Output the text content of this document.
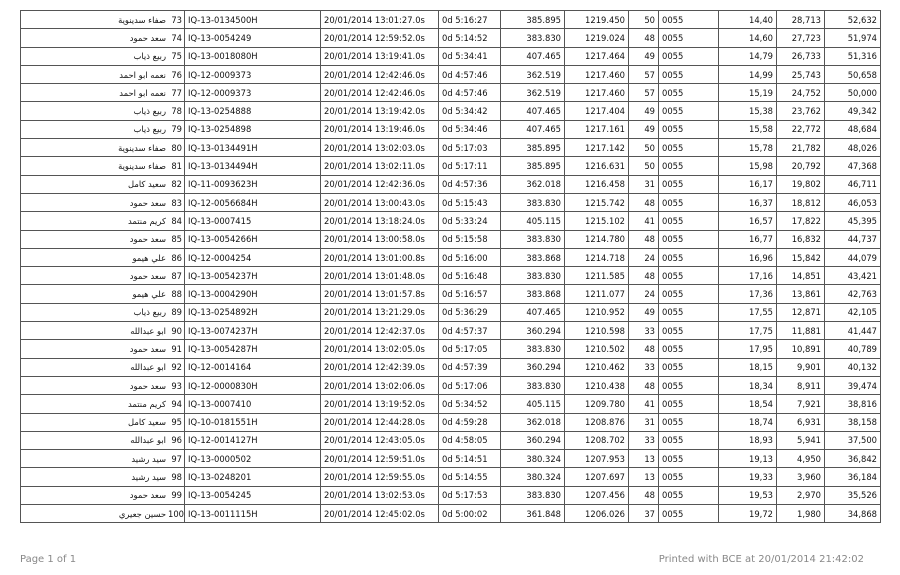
صفاء سدينوية 73	IQ-13-0134500H	20/01/2014 13:01:27.0s	0d 5:16:27	385.895	1219.450	50	0055	14,40	28,713	52,632
سعد حمود 74	IQ-13-0054249	20/01/2014 12:59:52.0s	0d 5:14:52	383.830	1219.024	48	0055	14,60	27,723	51,974
ربيع ذياب 75	IQ-13-0018080H	20/01/2014 13:19:41.0s	0d 5:34:41	407.465	1217.464	49	0055	14,79	26,733	51,316
نعمه ابو احمد 76	IQ-12-0009373	20/01/2014 12:42:46.0s	0d 4:57:46	362.519	1217.460	57	0055	14,99	25,743	50,658
نعمه ابو احمد 77	IQ-12-0009373	20/01/2014 12:42:46.0s	0d 4:57:46	362.519	1217.460	57	0055	15,19	24,752	50,000
ربيع ذياب 78	IQ-13-0254888	20/01/2014 13:19:42.0s	0d 5:34:42	407.465	1217.404	49	0055	15,38	23,762	49,342
ربيع ذياب 79	IQ-13-0254898	20/01/2014 13:19:46.0s	0d 5:34:46	407.465	1217.161	49	0055	15,58	22,772	48,684
صفاء سدينوية 80	IQ-13-0134491H	20/01/2014 13:02:03.0s	0d 5:17:03	385.895	1217.142	50	0055	15,78	21,782	48,026
صفاء سدينوية 81	IQ-13-0134494H	20/01/2014 13:02:11.0s	0d 5:17:11	385.895	1216.631	50	0055	15,98	20,792	47,368
سعيد كامل 82	IQ-11-0093623H	20/01/2014 12:42:36.0s	0d 4:57:36	362.018	1216.458	31	0055	16,17	19,802	46,711
سعد حمود 83	IQ-12-0056684H	20/01/2014 13:00:43.0s	0d 5:15:43	383.830	1215.742	48	0055	16,37	18,812	46,053
كريم منتمد 84	IQ-13-0007415	20/01/2014 13:18:24.0s	0d 5:33:24	405.115	1215.102	41	0055	16,57	17,822	45,395
سعد حمود 85	IQ-13-0054266H	20/01/2014 13:00:58.0s	0d 5:15:58	383.830	1214.780	48	0055	16,77	16,832	44,737
علي هيمو 86	IQ-12-0004254	20/01/2014 13:01:00.8s	0d 5:16:00	383.868	1214.718	24	0055	16,96	15,842	44,079
سعد حمود 87	IQ-13-0054237H	20/01/2014 13:01:48.0s	0d 5:16:48	383.830	1211.585	48	0055	17,16	14,851	43,421
علي هيمو 88	IQ-13-0004290H	20/01/2014 13:01:57.8s	0d 5:16:57	383.868	1211.077	24	0055	17,36	13,861	42,763
ربيع ذياب 89	IQ-13-0254892H	20/01/2014 13:21:29.0s	0d 5:36:29	407.465	1210.952	49	0055	17,55	12,871	42,105
ابو عبدالله 90	IQ-13-0074237H	20/01/2014 12:42:37.0s	0d 4:57:37	360.294	1210.598	33	0055	17,75	11,881	41,447
سعد حمود 91	IQ-13-0054287H	20/01/2014 13:02:05.0s	0d 5:17:05	383.830	1210.502	48	0055	17,95	10,891	40,789
ابو عبدالله 92	IQ-12-0014164	20/01/2014 12:42:39.0s	0d 4:57:39	360.294	1210.462	33	0055	18,15	9,901	40,132
سعد حمود 93	IQ-12-0000830H	20/01/2014 13:02:06.0s	0d 5:17:06	383.830	1210.438	48	0055	18,34	8,911	39,474
كريم منتمد 94	IQ-13-0007410	20/01/2014 13:19:52.0s	0d 5:34:52	405.115	1209.780	41	0055	18,54	7,921	38,816
سعيد كامل 95	IQ-10-0181551H	20/01/2014 12:44:28.0s	0d 4:59:28	362.018	1208.876	31	0055	18,74	6,931	38,158
ابو عبدالله 96	IQ-12-0014127H	20/01/2014 12:43:05.0s	0d 4:58:05	360.294	1208.702	33	0055	18,93	5,941	37,500
سيد رشيد 97	IQ-13-0000502	20/01/2014 12:59:51.0s	0d 5:14:51	380.324	1207.953	13	0055	19,13	4,950	36,842
سيد رشيد 98	IQ-13-0248201	20/01/2014 12:59:55.0s	0d 5:14:55	380.324	1207.697	13	0055	19,33	3,960	36,184
سعد حمود 99	IQ-13-0054245	20/01/2014 13:02:53.0s	0d 5:17:53	383.830	1207.456	48	0055	19,53	2,970	35,526
حسين جعيري 100	IQ-13-0011115H	20/01/2014 12:45:02.0s	0d 5:00:02	361.848	1206.026	37	0055	19,72	1,980	34,868
Page 1 of 1	Printed with BCE at 20/01/2014 21:42:02
